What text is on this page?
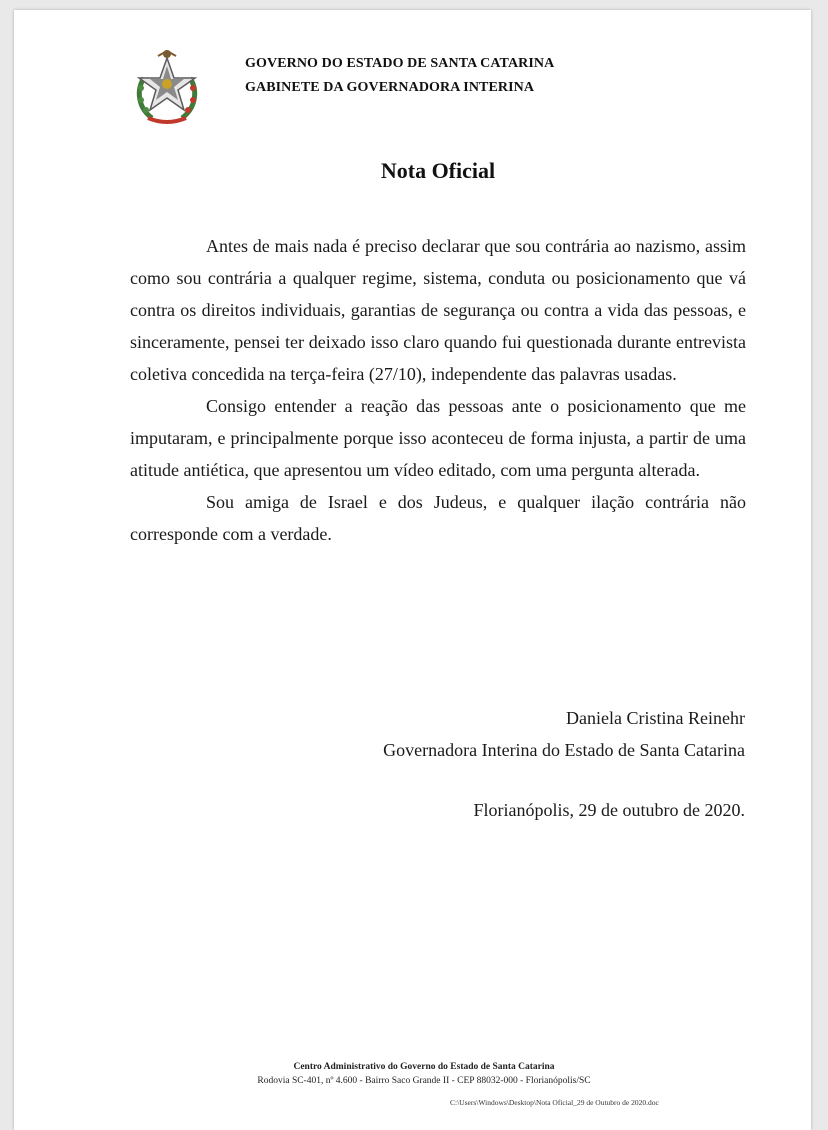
GOVERNO DO ESTADO DE SANTA CATARINA
GABINETE DA GOVERNADORA INTERINA
Nota Oficial

Antes de mais nada é preciso declarar que sou contrária ao nazismo, assim como sou contrária a qualquer regime, sistema, conduta ou posicionamento que vá contra os direitos individuais, garantias de segurança ou contra a vida das pessoas, e sinceramente, pensei ter deixado isso claro quando fui questionada durante entrevista coletiva concedida na terça-feira (27/10), independente das palavras usadas.

Consigo entender a reação das pessoas ante o posicionamento que me imputaram, e principalmente porque isso aconteceu de forma injusta, a partir de uma atitude antiética, que apresentou um vídeo editado, com uma pergunta alterada.

Sou amiga de Israel e dos Judeus, e qualquer ilação contrária não corresponde com a verdade.

Daniela Cristina Reinehr
Governadora Interina do Estado de Santa Catarina
Florianópolis, 29 de outubro de 2020.
Centro Administrativo do Governo do Estado de Santa Catarina
Rodovia SC-401, nº 4.600 - Bairro Saco Grande II - CEP 88032-000 - Florianópolis/SC
C:\Users\Windows\Desktop\Nota Oficial_29 de Outubro de 2020.doc
